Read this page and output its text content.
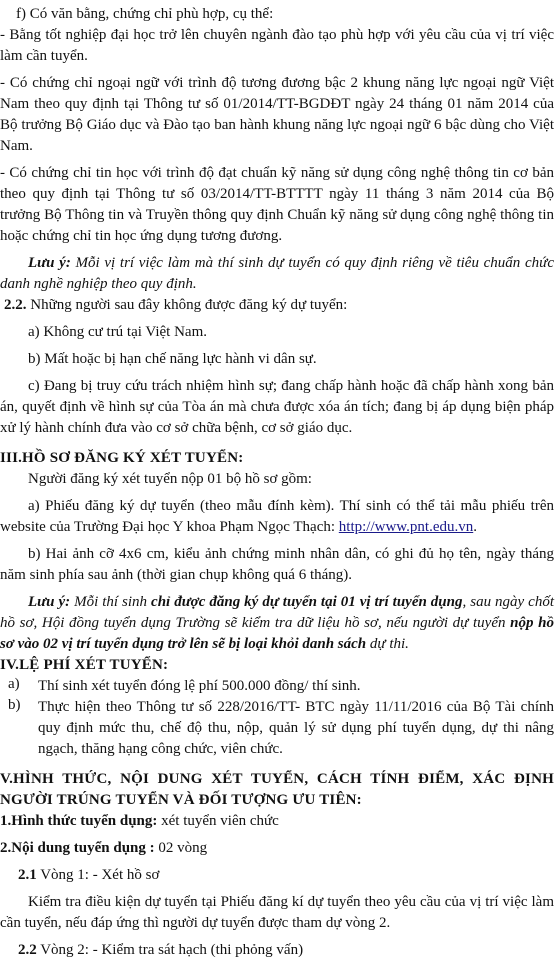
f) Có văn bằng, chứng chỉ phù hợp, cụ thể:

- Bằng tốt nghiệp đại học trở lên chuyên ngành đào tạo phù hợp với yêu cầu của vị trí việc làm cần tuyển.

- Có chứng chỉ ngoại ngữ với trình độ tương đương bậc 2 khung năng lực ngoại ngữ Việt Nam theo quy định tại Thông tư số 01/2014/TT-BGDĐT ngày 24 tháng 01 năm 2014 của Bộ trưởng Bộ Giáo dục và Đào tạo ban hành khung năng lực ngoại ngữ 6 bậc dùng cho Việt Nam.

- Có chứng chỉ tin học với trình độ đạt chuẩn kỹ năng sử dụng công nghệ thông tin cơ bản theo quy định tại Thông tư số 03/2014/TT-BTTTT ngày 11 tháng 3 năm 2014 của Bộ trưởng Bộ Thông tin và Truyền thông quy định Chuẩn kỹ năng sử dụng công nghệ thông tin hoặc chứng chỉ tin học ứng dụng tương đương.

Lưu ý: Mỗi vị trí việc làm mà thí sinh dự tuyển có quy định riêng về tiêu chuẩn chức danh nghề nghiệp theo quy định.

2.2. Những người sau đây không được đăng ký dự tuyển:

a) Không cư trú tại Việt Nam.

b) Mất hoặc bị hạn chế năng lực hành vi dân sự.

c) Đang bị truy cứu trách nhiệm hình sự; đang chấp hành hoặc đã chấp hành xong bản án, quyết định về hình sự của Tòa án mà chưa được xóa án tích; đang bị áp dụng biện pháp xử lý hành chính đưa vào cơ sở chữa bệnh, cơ sở giáo dục.

III.HỒ SƠ ĐĂNG KÝ XÉT TUYỂN:

Người đăng ký xét tuyển nộp 01 bộ hồ sơ gồm:

a) Phiếu đăng ký dự tuyển (theo mẫu đính kèm). Thí sinh có thể tải mẫu phiếu trên website của Trường Đại học Y khoa Phạm Ngọc Thạch: http://www.pnt.edu.vn.

b) Hai ảnh cỡ 4x6 cm, kiểu ảnh chứng minh nhân dân, có ghi đủ họ tên, ngày tháng năm sinh phía sau ảnh (thời gian chụp không quá 6 tháng).

Lưu ý: Mỗi thí sinh chỉ được đăng ký dự tuyển tại 01 vị trí tuyển dụng, sau ngày chốt hồ sơ, Hội đồng tuyển dụng Trường sẽ kiểm tra dữ liệu hồ sơ, nếu người dự tuyển nộp hồ sơ vào 02 vị trí tuyển dụng trở lên sẽ bị loại khỏi danh sách dự thi.

IV.LỆ PHÍ XÉT TUYỂN:

a)	Thí sinh xét tuyển đóng lệ phí 500.000 đồng/ thí sinh.
b)	Thực hiện theo Thông tư số 228/2016/TT- BTC ngày 11/11/2016 của Bộ Tài chính quy định mức thu, chế độ thu, nộp, quản lý sử dụng phí tuyển dụng, dự thi nâng ngạch, thăng hạng công chức, viên chức.

V.HÌNH THỨC, NỘI DUNG XÉT TUYỂN, CÁCH TÍNH ĐIỂM, XÁC ĐỊNH NGƯỜI TRÚNG TUYỂN VÀ ĐỐI TƯỢNG ƯU TIÊN:

1.Hình thức tuyển dụng: xét tuyển viên chức

2.Nội dung tuyển dụng : 02 vòng

2.1 Vòng 1: - Xét hồ sơ

Kiểm tra điều kiện dự tuyển tại Phiếu đăng kí dự tuyển theo yêu cầu của vị trí việc làm cần tuyển, nếu đáp ứng thì người dự tuyển được tham dự vòng 2.

2.2 Vòng 2: - Kiểm tra sát hạch (thi phỏng vấn)
